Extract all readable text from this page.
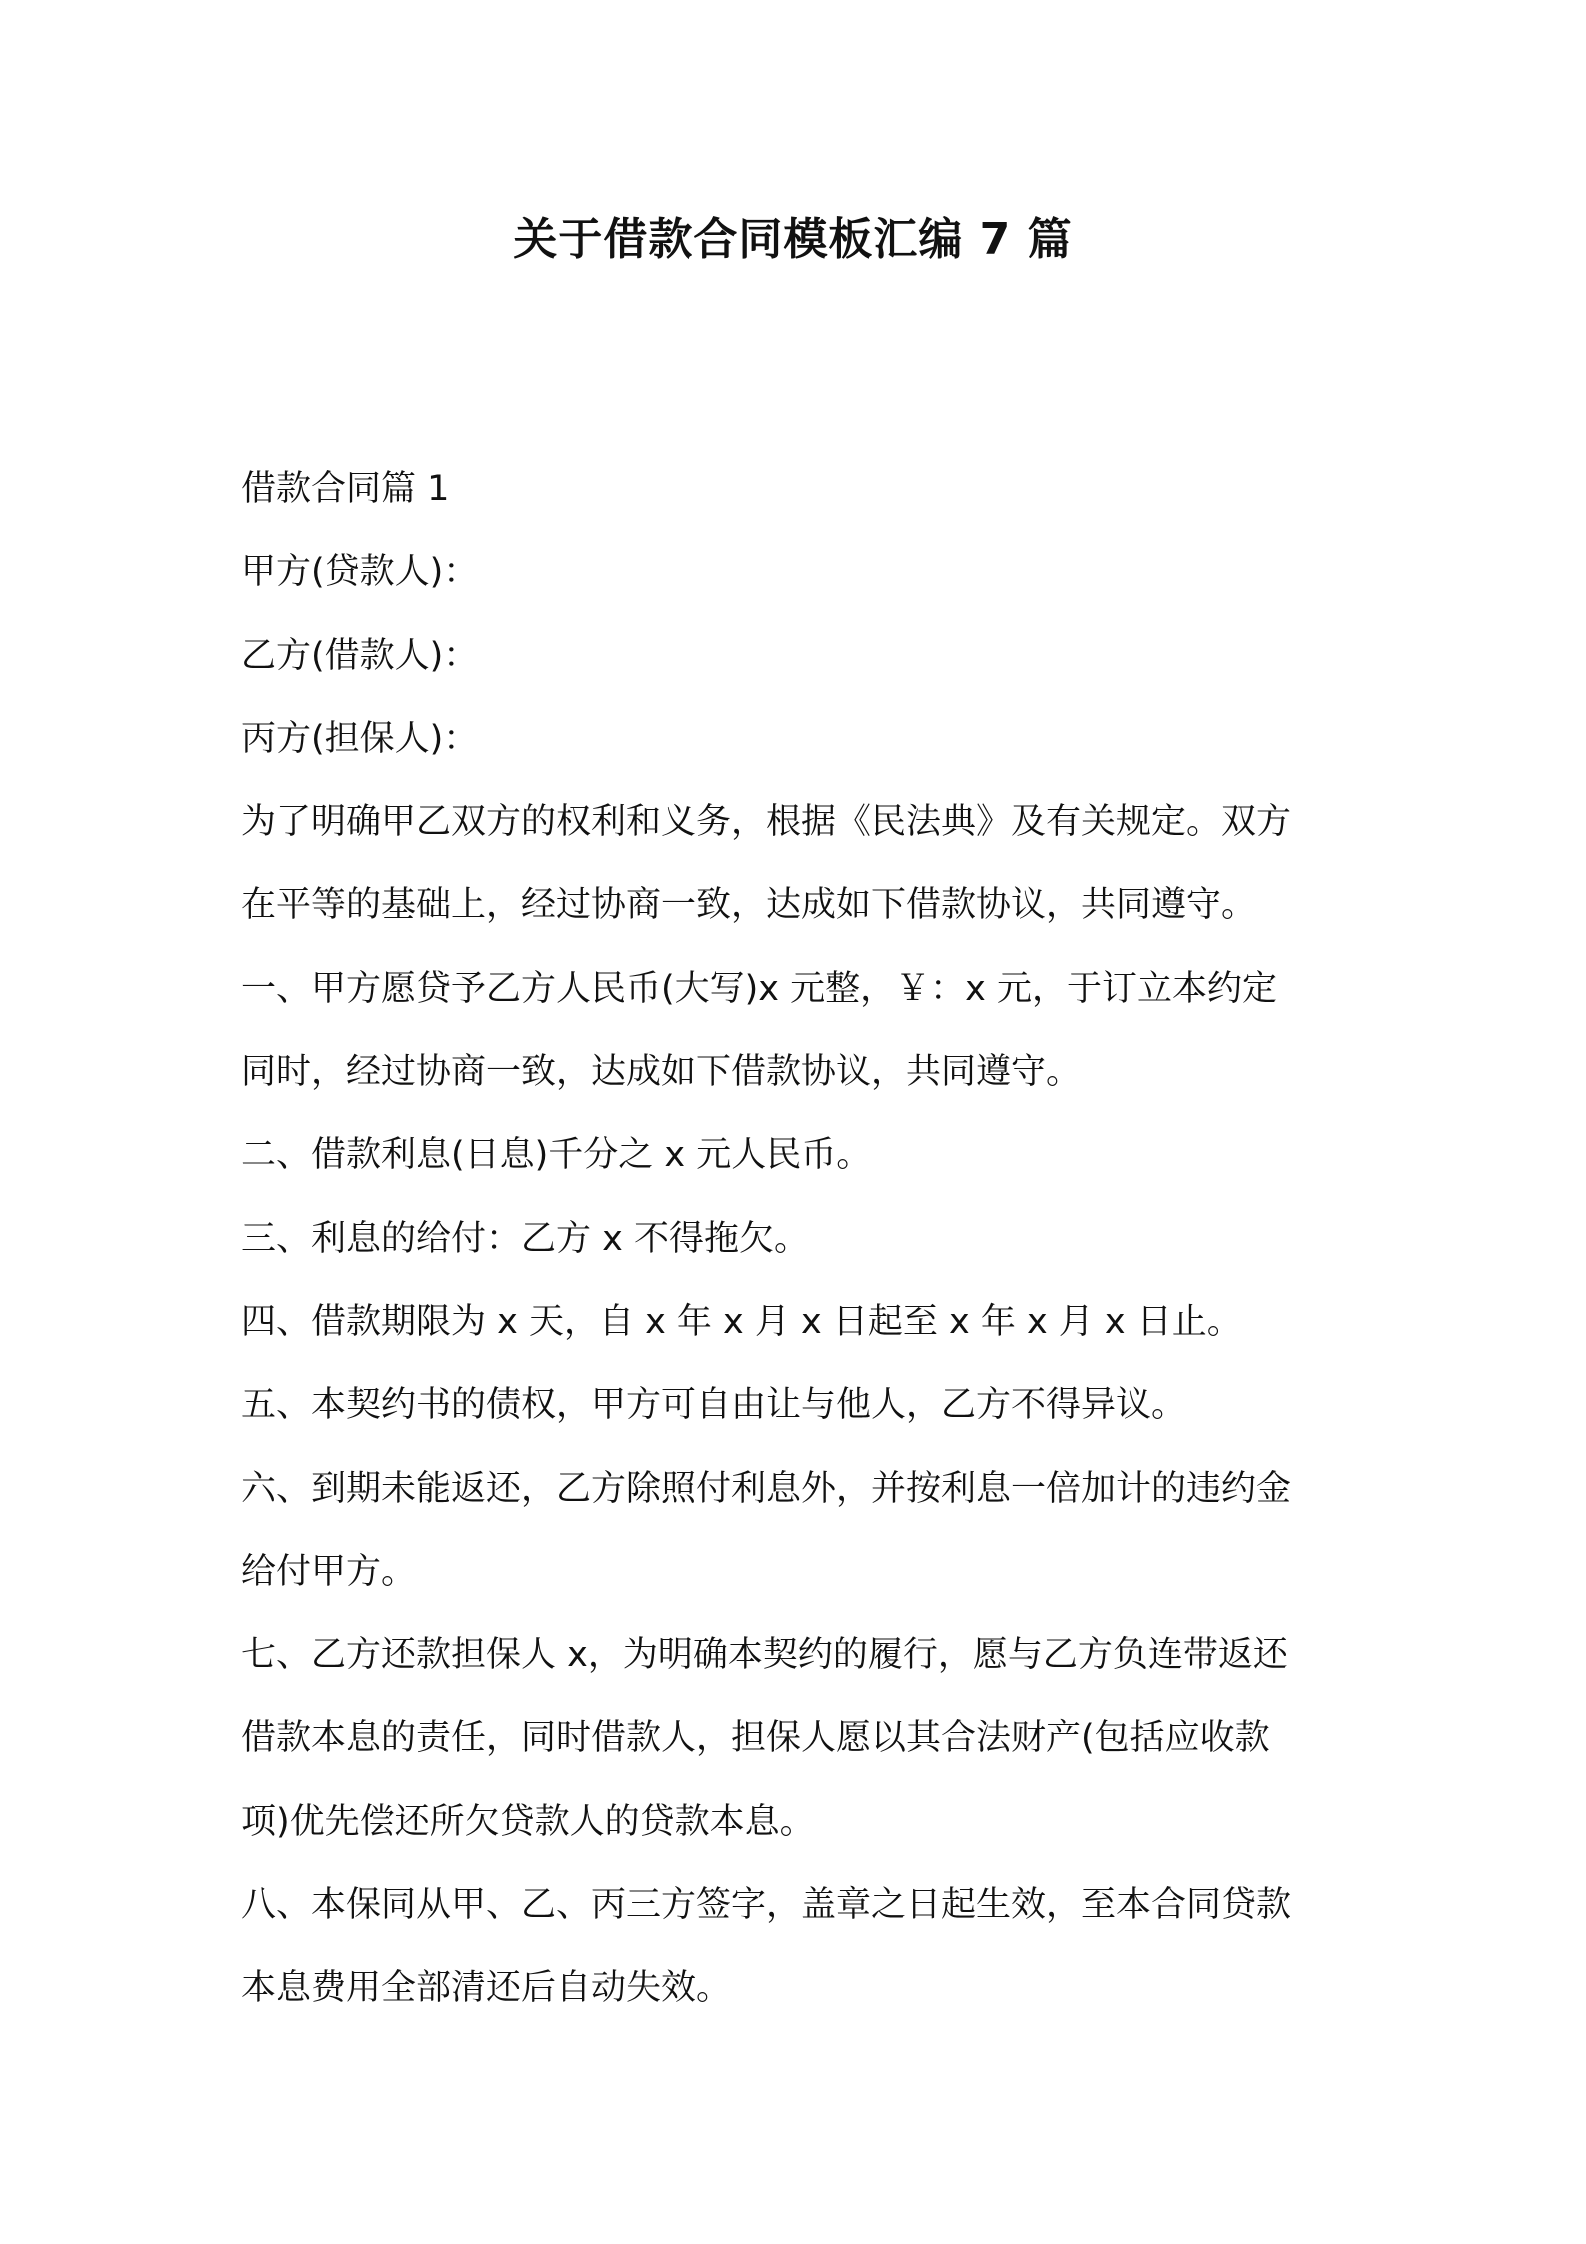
关于借款合同模板汇编 7 篇
借款合同篇 1
甲方(贷款人)：
乙方(借款人)：
丙方(担保人)：
为了明确甲乙双方的权利和义务，根据《民法典》及有关规定。双方
在平等的基础上，经过协商一致，达成如下借款协议，共同遵守。
一、甲方愿贷予乙方人民币(大写)x 元整，￥：x 元，于订立本约定
同时，经过协商一致，达成如下借款协议，共同遵守。
二、借款利息(日息)千分之 x 元人民币。
三、利息的给付：乙方 x 不得拖欠。
四、借款期限为 x 天，自 x 年 x 月 x 日起至 x 年 x 月 x 日止。
五、本契约书的债权，甲方可自由让与他人，乙方不得异议。
六、到期未能返还，乙方除照付利息外，并按利息一倍加计的违约金
给付甲方。
七、乙方还款担保人 x，为明确本契约的履行，愿与乙方负连带返还
借款本息的责任，同时借款人，担保人愿以其合法财产(包括应收款
项)优先偿还所欠贷款人的贷款本息。
八、本保同从甲、乙、丙三方签字，盖章之日起生效，至本合同贷款
本息费用全部清还后自动失效。
